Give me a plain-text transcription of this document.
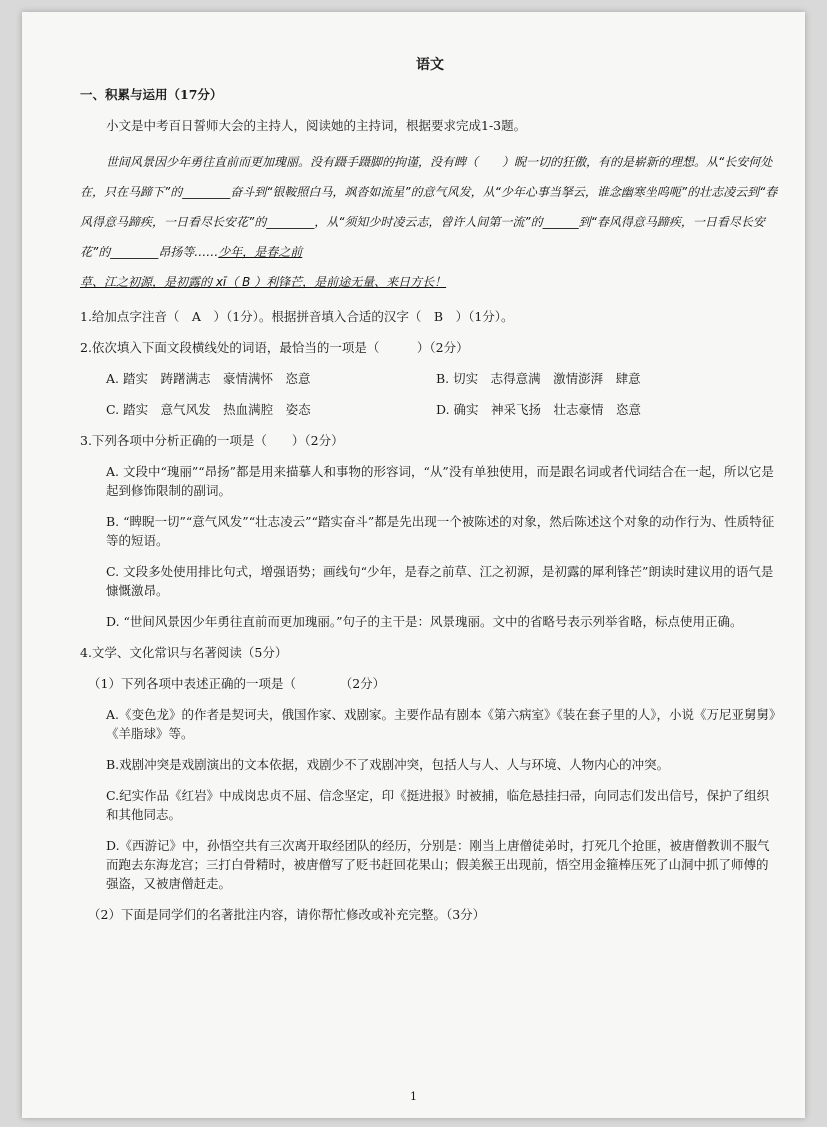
语文
一、积累与运用（17分）
小文是中考百日誓师大会的主持人，阅读她的主持词，根据要求完成1-3题。
世间风景因少年勇往直前而更加瑰丽。没有蹑手蹑脚的拘谨，没有睥（　　）睨一切的狂傲，有的是崭新的理想。从“长安何处在，只在马蹄下”的________奋斗到“银鞍照白马，飒沓如流星”的意气风发，从“少年心事当拏云，谁念幽寒坐呜呃”的壮志凌云到“春风得意马蹄疾，一日看尽长安花”的________，从“须知少时凌云志，曾许人间第一流”的______到“春风得意马蹄疾，一日看尽长安花”的________昂扬等……少年，是春之前
草、江之初源，是初露的 xī（ B ）利锋芒，是前途无量、来日方长！
1.给加点字注音（　A　）（1分）。根据拼音填入合适的汉字（　B　）（1分）。
2.依次填入下面文段横线处的词语，最恰当的一项是（　　　）（2分）
A. 踏实　踌躇满志　豪情满怀　恣意	B. 切实　志得意满　激情澎湃　肆意
C. 踏实　意气风发　热血满腔　姿态	D. 确实　神采飞扬　壮志豪情　恣意
3.下列各项中分析正确的一项是（　　）（2分）
A. 文段中“瑰丽”“昂扬”都是用来描摹人和事物的形容词，“从”没有单独使用，而是跟名词或者代词结合在一起，所以它是起到修饰限制的副词。
B. “睥睨一切”“意气风发”“壮志凌云”“踏实奋斗”都是先出现一个被陈述的对象，然后陈述这个对象的动作行为、性质特征等的短语。
C. 文段多处使用排比句式，增强语势；画线句“少年，是春之前草、江之初源，是初露的犀利锋芒”朗读时建议用的语气是慷慨激昂。
D. “世间风景因少年勇往直前而更加瑰丽。”句子的主干是：风景瑰丽。文中的省略号表示列举省略，标点使用正确。
4.文学、文化常识与名著阅读（5分）
（1）下列各项中表述正确的一项是（　　　　（2分）
A.《变色龙》的作者是契诃夫，俄国作家、戏剧家。主要作品有剧本《第六病室》《装在套子里的人》，小说《万尼亚舅舅》《羊脂球》等。
B.戏剧冲突是戏剧演出的文本依据，戏剧少不了戏剧冲突，包括人与人、人与环境、人物内心的冲突。
C.纪实作品《红岩》中成岗忠贞不屈、信念坚定，印《挺进报》时被捕，临危悬挂扫帚，向同志们发出信号，保护了组织和其他同志。
D.《西游记》中，孙悟空共有三次离开取经团队的经历，分别是：刚当上唐僧徒弟时，打死几个抢匪，被唐僧教训不服气而跑去东海龙宫；三打白骨精时，被唐僧写了贬书赶回花果山；假美猴王出现前，悟空用金箍棒压死了山洞中抓了师傅的强盗，又被唐僧赶走。
（2）下面是同学们的名著批注内容，请你帮忙修改或补充完整。（3分）
1
